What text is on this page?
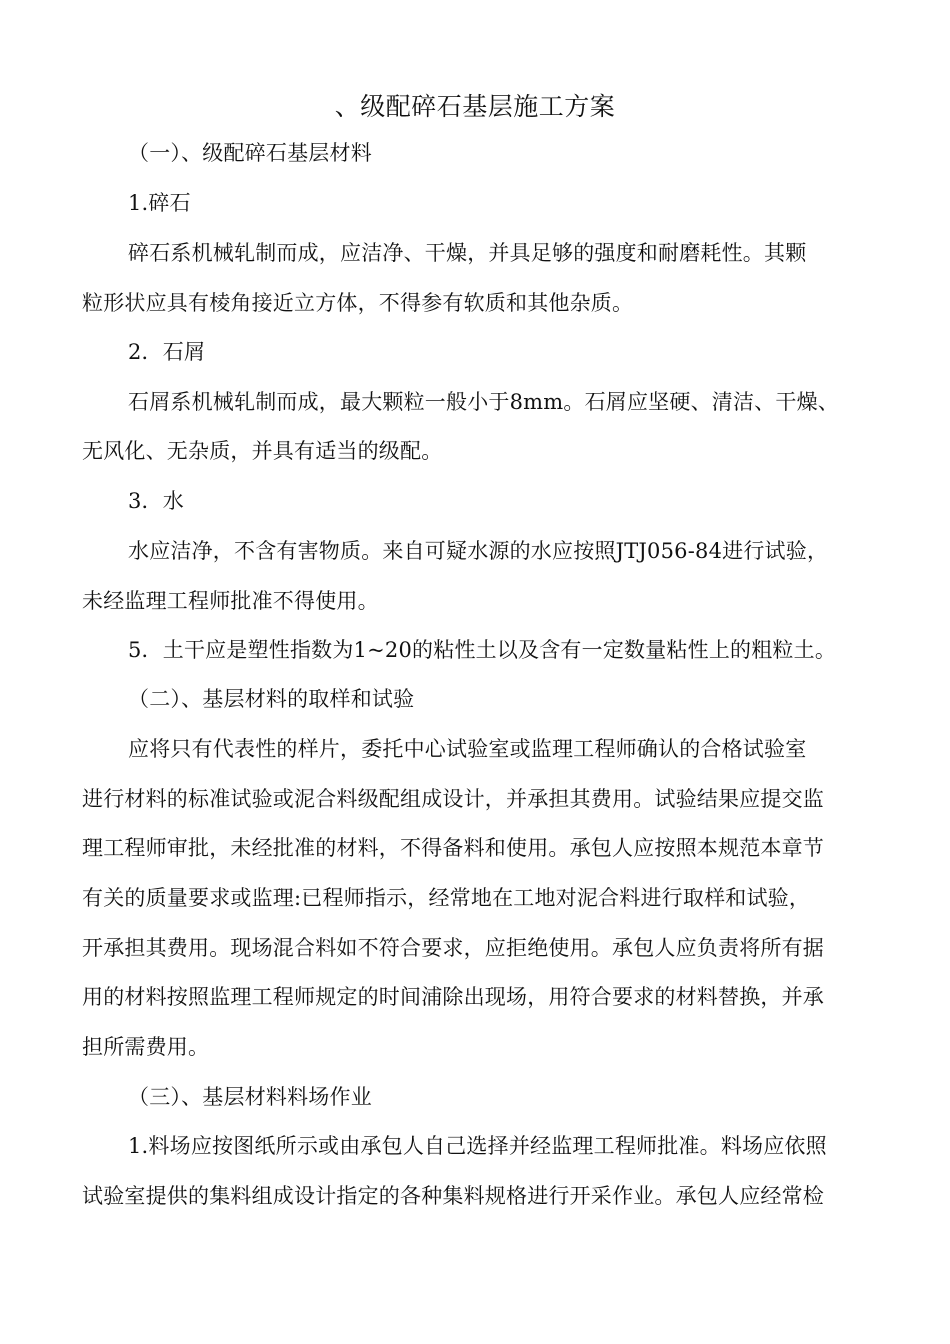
、级配碎石基层施工方案
（一）、级配碎石基层材料
1.碎石
碎石系机械轧制而成，应洁净、干燥，并具足够的强度和耐磨耗性。其颗
粒形状应具有棱角接近立方体，不得参有软质和其他杂质。
2．石屑
石屑系机械轧制而成，最大颗粒一般小于8mm。石屑应坚硬、清洁、干燥、
无风化、无杂质，并具有适当的级配。
3．水
水应洁净，不含有害物质。来自可疑水源的水应按照JTJ056-84进行试验，
未经监理工程师批准不得使用。
5．土干应是塑性指数为1~20的粘性土以及含有一定数量粘性上的粗粒土。
（二）、基层材料的取样和试验
应将只有代表性的样片，委托中心试验室或监理工程师确认的合格试验室
进行材料的标准试验或泥合料级配组成设计，并承担其费用。试验结果应提交监
理工程师审批，未经批准的材料，不得备料和使用。承包人应按照本规范本章节
有关的质量要求或监理:已程师指示，经常地在工地对泥合料进行取样和试验，
开承担其费用。现场混合料如不符合要求，应拒绝使用。承包人应负责将所有据
用的材料按照监理工程师规定的时间浦除出现场，用符合要求的材料替换，并承
担所需费用。
（三）、基层材料料场作业
1.料场应按图纸所示或由承包人自己选择并经监理工程师批准。料场应依照
试验室提供的集料组成设计指定的各种集料规格进行开采作业。承包人应经常检
